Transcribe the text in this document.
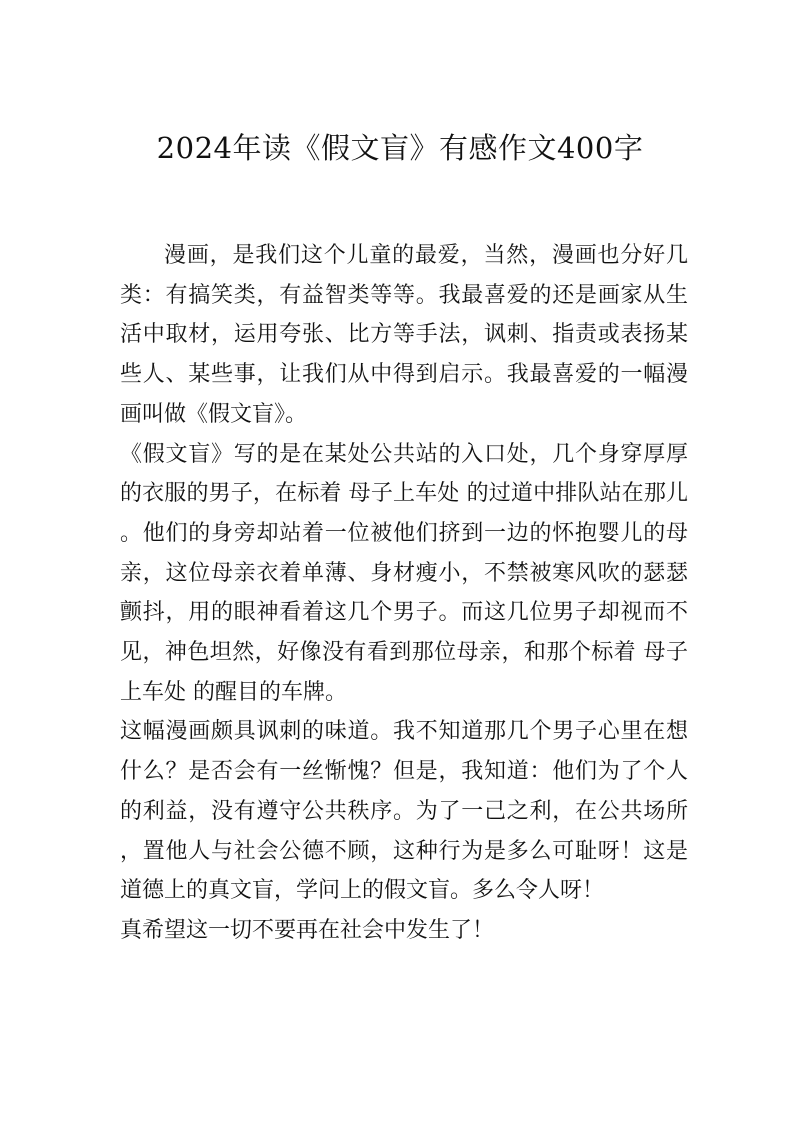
2024年读《假文盲》有感作文400字

漫画，是我们这个儿童的最爱，当然，漫画也分好几类：有搞笑类，有益智类等等。我最喜爱的还是画家从生活中取材，运用夸张、比方等手法，讽刺、指责或表扬某些人、某些事，让我们从中得到启示。我最喜爱的一幅漫画叫做《假文盲》。

《假文盲》写的是在某处公共站的入口处，几个身穿厚厚的衣服的男子，在标着 母子上车处 的过道中排队站在那儿。他们的身旁却站着一位被他们挤到一边的怀抱婴儿的母亲，这位母亲衣着单薄、身材瘦小，不禁被寒风吹的瑟瑟颤抖，用的眼神看着这几个男子。而这几位男子却视而不见，神色坦然，好像没有看到那位母亲，和那个标着 母子上车处 的醒目的车牌。

这幅漫画颇具讽刺的味道。我不知道那几个男子心里在想什么？是否会有一丝惭愧？但是，我知道：他们为了个人的利益，没有遵守公共秩序。为了一己之利，在公共场所，置他人与社会公德不顾，这种行为是多么可耻呀！这是道德上的真文盲，学问上的假文盲。多么令人呀！

真希望这一切不要再在社会中发生了！
